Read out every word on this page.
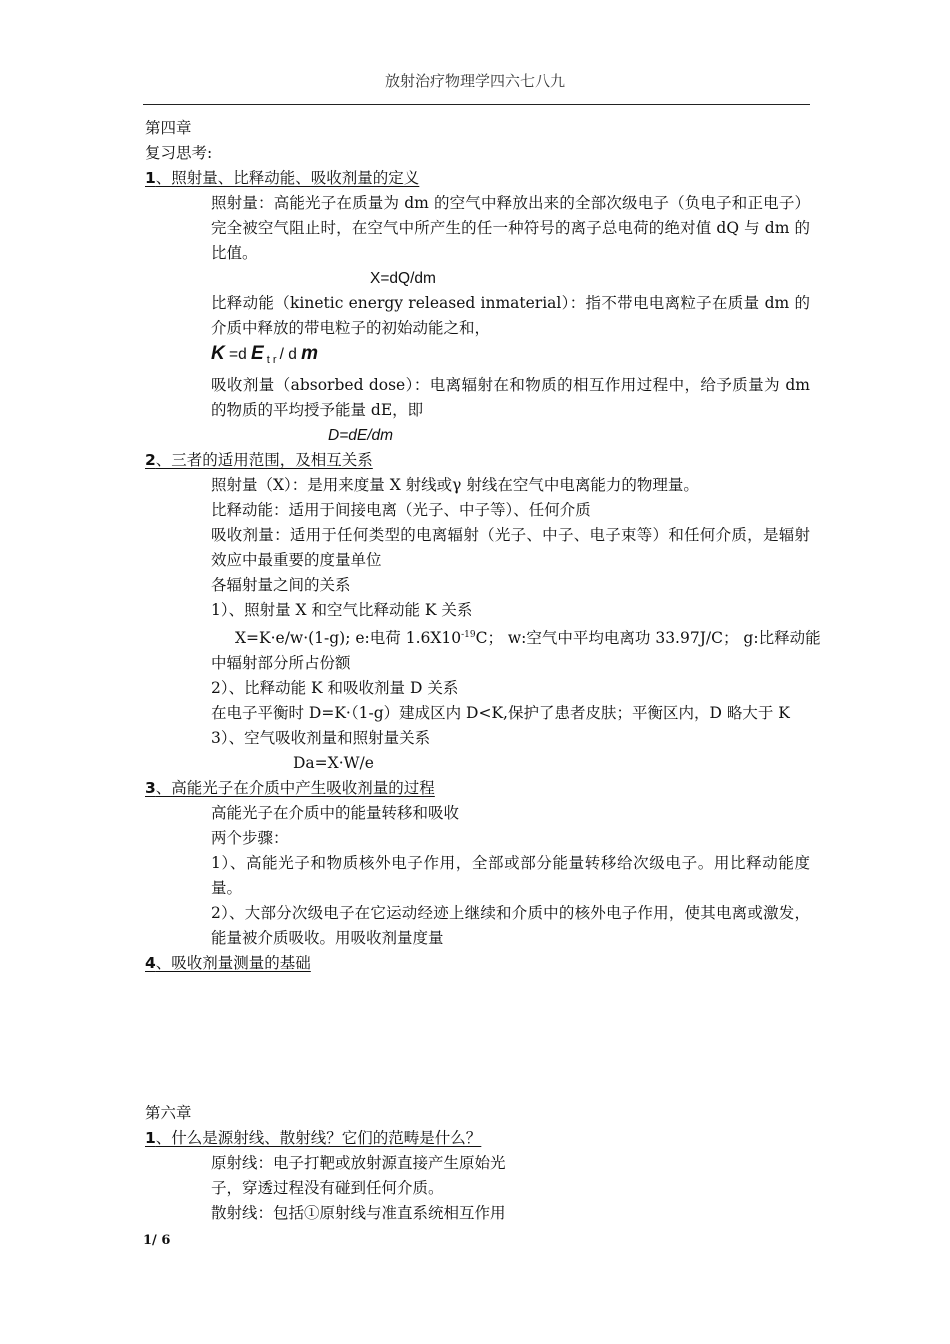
放射治疗物理学四六七八九
第四章
复习思考:
1、照射量、比释动能、吸收剂量的定义
照射量：高能光子在质量为 dm 的空气中释放出来的全部次级电子（负电子和正电子）完全被空气阻止时，在空气中所产生的任一种符号的离子总电荷的绝对值 dQ 与 dm 的比值。
X=dQ/dm
比释动能（kinetic energy released inmaterial）：指不带电电离粒子在质量 dm 的介质中释放的带电粒子的初始动能之和，
K =d E $_{t r}$ / d m
吸收剂量（absorbed dose）：电离辐射在和物质的相互作用过程中，给予质量为 dm 的物质的平均授予能量 dE，即
D=dE/dm
2、三者的适用范围，及相互关系
照射量（X）：是用来度量 X 射线或γ 射线在空气中电离能力的物理量。
比释动能：适用于间接电离（光子、中子等）、任何介质
吸收剂量：适用于任何类型的电离辐射（光子、中子、电子束等）和任何介质，是辐射效应中最重要的度量单位
各辐射量之间的关系
1）、照射量 X 和空气比释动能 K 关系
X=K·e/w·(1-g); e:电荷 $1.6X10^{-19}C$； w:空气中平均电离功 33.97J/C； g:比释动能
中辐射部分所占份额
2）、比释动能 K 和吸收剂量 D 关系
在电子平衡时 D=K·（1-g）建成区内 D<K,保护了患者皮肤；平衡区内，D 略大于 K
3）、空气吸收剂量和照射量关系
Da=X·W/e
3、高能光子在介质中产生吸收剂量的过程
高能光子在介质中的能量转移和吸收
两个步骤：
1）、高能光子和物质核外电子作用，全部或部分能量转移给次级电子。用比释动能度量。
2）、大部分次级电子在它运动经迹上继续和介质中的核外电子作用，使其电离或激发，能量被介质吸收。用吸收剂量度量
4、吸收剂量测量的基础
第六章
1、什么是源射线、散射线？它们的范畴是什么？
原射线：电子打靶或放射源直接产生原始光子，穿透过程没有碰到任何介质。
散射线：包括①原射线与准直系统相互作用
1/ 6
